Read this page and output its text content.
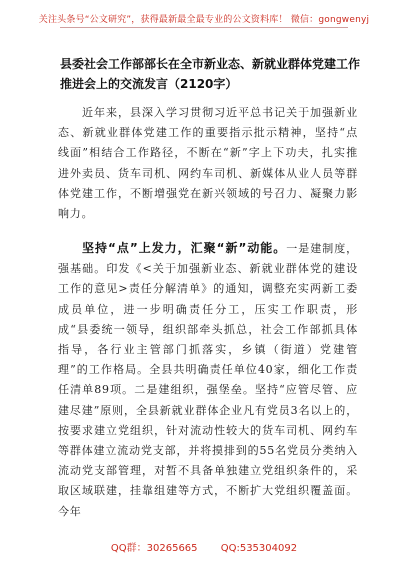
关注头条号“公文研究”，获得最新最全最专业的公文资料库！ 微信：gongwenyj
县委社会工作部部长在全市新业态、新就业群体党建工作推进会上的交流发言（2120字）
近年来，县深入学习贯彻习近平总书记关于加强新业态、新就业群体党建工作的重要指示批示精神，坚持“点线面”相结合工作路径，不断在“新”字上下功夫，扎实推进外卖员、货车司机、网约车司机、新媒体从业人员等群体党建工作，不断增强党在新兴领域的号召力、凝聚力影响力。
坚持“点”上发力，汇聚“新”动能。一是建制度，强基础。印发《<关于加强新业态、新就业群体党的建设工作的意见>责任分解清单》的通知，调整充实两新工委成员单位，进一步明确责任分工，压实工作职责，形成“县委统一领导，组织部牵头抓总，社会工作部抓具体指导，各行业主管部门抓落实，乡镇（街道）党建管理”的工作格局。全县共明确责任单位40家，细化工作责任清单89项。二是建组织，强堡垒。坚持“应管尽管、应建尽建”原则，全县新就业群体企业凡有党员3名以上的，按要求建立党组织，针对流动性较大的货车司机、网约车等群体建立流动党支部，并将摸排到的55名党员分类纳入流动党支部管理，对暂不具备单独建立党组织条件的，采取区域联建，挂靠组建等方式，不断扩大党组织覆盖面。今年
QQ群：30265665 QQ:535304092
